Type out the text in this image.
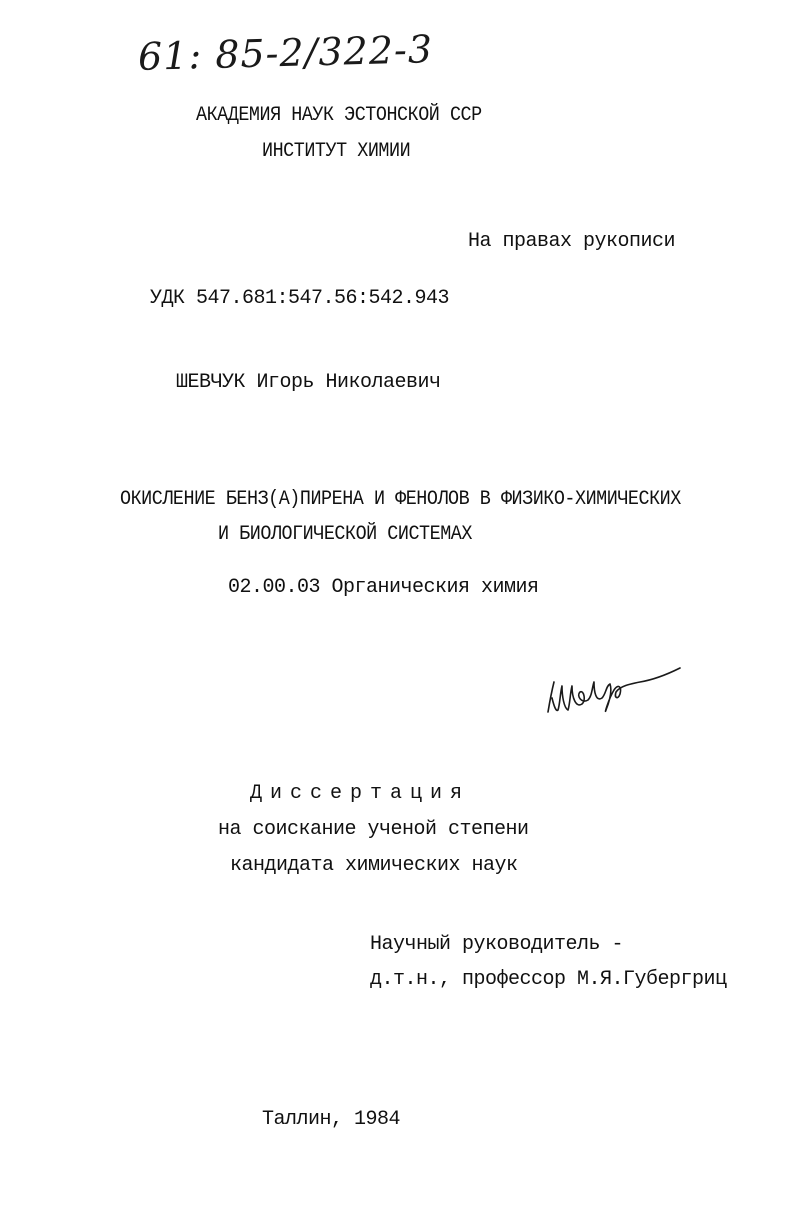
61: 85-2/322-3
АКАДЕМИЯ НАУК ЭСТОНСКОЙ ССР
ИНСТИТУТ ХИМИИ
На правах рукописи
УДК 547.681:547.56:542.943
ШЕВЧУК Игорь Николаевич
ОКИСЛЕНИЕ БЕНЗ(А)ПИРЕНА И ФЕНОЛОВ В ФИЗИКО-ХИМИЧЕСКИХ
И БИОЛОГИЧЕСКОЙ СИСТЕМАХ
02.00.03 Органическия химия
Диссертация
на соискание ученой степени
кандидата химических наук
Научный руководитель -
д.т.н., профессор М.Я.Губергриц
Таллин, 1984
